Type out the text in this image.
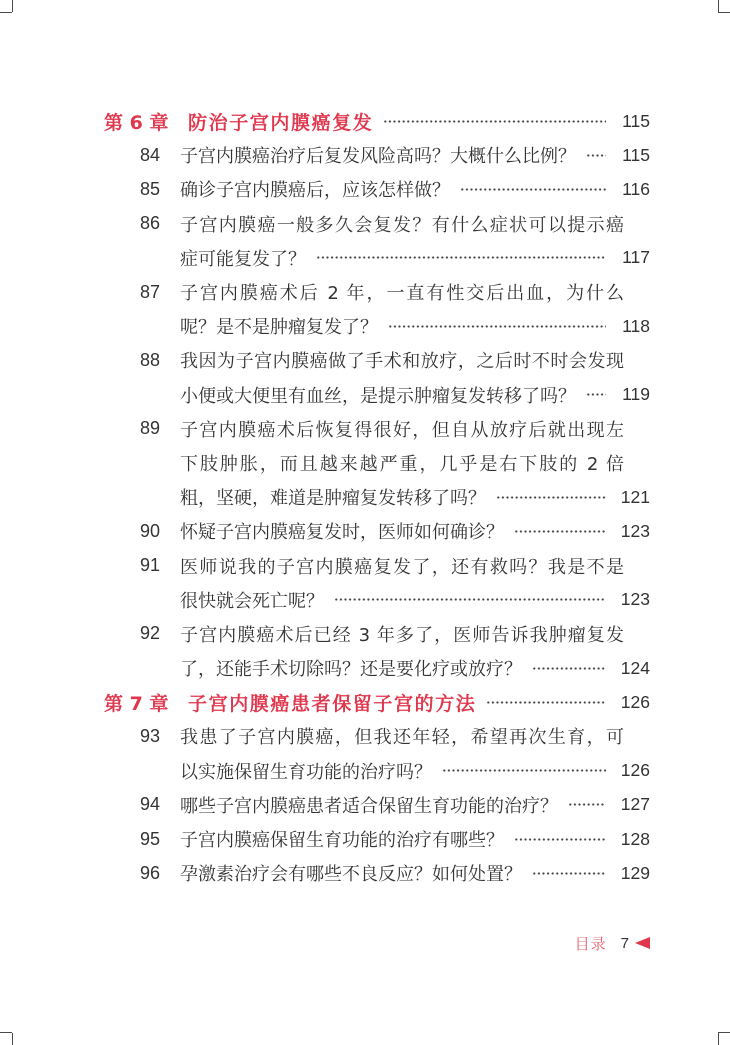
第 6 章	防治子宫内膜癌复发	115
84 子宫内膜癌治疗后复发风险高吗？大概什么比例？	115
85 确诊子宫内膜癌后，应该怎样做？	116
86 子宫内膜癌一般多久会复发？有什么症状可以提示癌
症可能复发了？	117
87 子宫内膜癌术后 2 年，一直有性交后出血，为什么
呢？是不是肿瘤复发了？	118
88 我因为子宫内膜癌做了手术和放疗，之后时不时会发现
小便或大便里有血丝，是提示肿瘤复发转移了吗？	119
89 子宫内膜癌术后恢复得很好，但自从放疗后就出现左
下肢肿胀，而且越来越严重，几乎是右下肢的 2 倍
粗，坚硬，难道是肿瘤复发转移了吗？	121
90 怀疑子宫内膜癌复发时，医师如何确诊？	123
91 医师说我的子宫内膜癌复发了，还有救吗？我是不是
很快就会死亡呢？	123
92 子宫内膜癌术后已经 3 年多了，医师告诉我肿瘤复发
了，还能手术切除吗？还是要化疗或放疗？	124
第 7 章	子宫内膜癌患者保留子宫的方法	126
93 我患了子宫内膜癌，但我还年轻，希望再次生育，可
以实施保留生育功能的治疗吗？	126
94 哪些子宫内膜癌患者适合保留生育功能的治疗？	127
95 子宫内膜癌保留生育功能的治疗有哪些？	128
96 孕激素治疗会有哪些不良反应？如何处置？	129
目录 7
